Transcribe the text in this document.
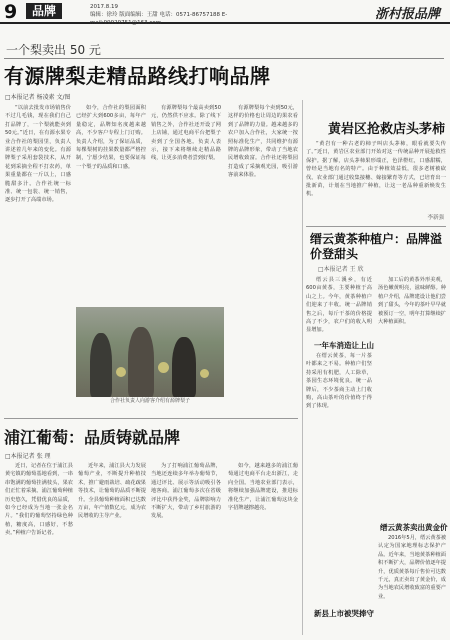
9	品牌	2017.8.19
编辑：徐玲 版面编辑：王甜 电话：0571-86757188 E-mail:99929751@163.com
浙村报品牌
一个梨卖出 50 元
有源牌梨走精品路线打响品牌
□本报记者 杨凌素 文/图

“以前去批发市场销售价不过几毛钱，现在我们自己打品牌了，一个梨就能卖到50元。”近日，在有源水果专业合作社的梨园里，负责人讲述着几年来的变化。有源牌梨子采用套袋技术，从开花到采摘全程不打农药，单果重量都在一斤以上，口感脆甜多汁。合作社统一标准、统一包装、统一销售，逐步打开了高端市场。

如今，合作社的梨园面积已经扩大到600多亩，每年产量稳定，品牌知名度越来越高，不少客户专程上门订购。负责人介绍，为了保证品质，每棵梨树的挂果数量都严格控制，宁愿少结果，也要保证每一个梨子的品质和口感。

有源牌梨每个最高卖到50元，仍然供不应求。除了线下销售之外，合作社还开设了网上店铺，通过电商平台把梨子卖到了全国各地。负责人表示，接下来将继续走精品路线，让更多消费者尝到好梨。

有源牌梨每个卖到50元，这样的价格也让周边的果农看到了品牌的力量。越来越多的农户加入合作社，大家统一按照标准化生产，共同维护有源牌的品牌形象，带动了当地农民增收致富。合作社还将梨园打造成了采摘观光园，吸引游客前来体验。

合作社负责人向游客介绍有源牌梨子
浦江葡萄：品质铸就品牌
□本报记者 张 理

近日，记者在位于浦江县黄宅镇的葡萄基地看到，一串串饱满的葡萄挂满枝头，果农们正忙着采摘。浦江葡萄种植历史悠久，凭借优良的品质，如今已经成为当地一张金名片。“我们的葡萄坚持绿色种植，糖度高，口感好，不愁卖。”种植户告诉记者。

近年来，浦江县大力发展葡萄产业，不断提升种植技术，推广避雨栽培、疏花疏果等技术，让葡萄的品质不断提升。全县葡萄种植面积已达数万亩，年产值数亿元，成为农民增收的主导产业。

为了打响浦江葡萄品牌，当地还连续多年举办葡萄节，通过评比、展示等活动吸引各地客商。浦江葡萄多次在省级评比中获得金奖，品牌影响力不断扩大，带动了乡村旅游的发展。

如今，越来越多的浦江葡萄通过电商平台走出浙江，走向全国。当地农业部门表示，将继续加强品牌建设，推进标准化生产，让浦江葡萄这块金字招牌越擦越亮。

黄岩区抢救店头茅柿

“黄岩有一种古老的柿子叫店头茅柿，眼看就要失传了。”近日，黄岩区农业部门开始对这一传统品种开展抢救性保护。据了解，店头茅柿果形端正，色泽橙红，口感甜糯，曾经是当地有名的特产。由于种植效益低，很多老树被砍伐。农业部门通过收集接穗、嫁接繁育等方式，已培育出一批新苗，计划在当地推广种植，让这一老品种重新焕发生机。

李新强
缙云黄茶种植户：品牌溢价登甜头
□本报记者 王 欣

缙云县三溪乡，有近600亩黄茶，主要种植于高山之上。今年，黄茶种植户们迎来了丰收。统一品牌销售之后，每斤干茶的价格提高了不少，农户们的收入明显增加。

一年车消造让上山

在缙云黄茶，每一片茶叶都来之不易。种植户们坚持采用有机肥，人工除草，茶园生态环境优良。统一品牌后，不少茶商主动上门收购，高山茶叶的价值终于得到了体现。

加工后的黄茶外形美观，汤色嫩黄明亮，滋味鲜醇。种植户介绍，品牌建设让他们尝到了甜头，今年的茶叶早早就被预订一空，明年打算继续扩大种植面积。

新县上市被哭捧守
缙云黄茶卖出黄金价

2016年5月，缙云黄茶被认定为国家地理标志保护产品。近年来，当地黄茶种植面积不断扩大，品牌价值逐年提升，优质黄茶每斤售价可达数千元，真正卖出了黄金价，成为当地农民增收致富的重要产业。
